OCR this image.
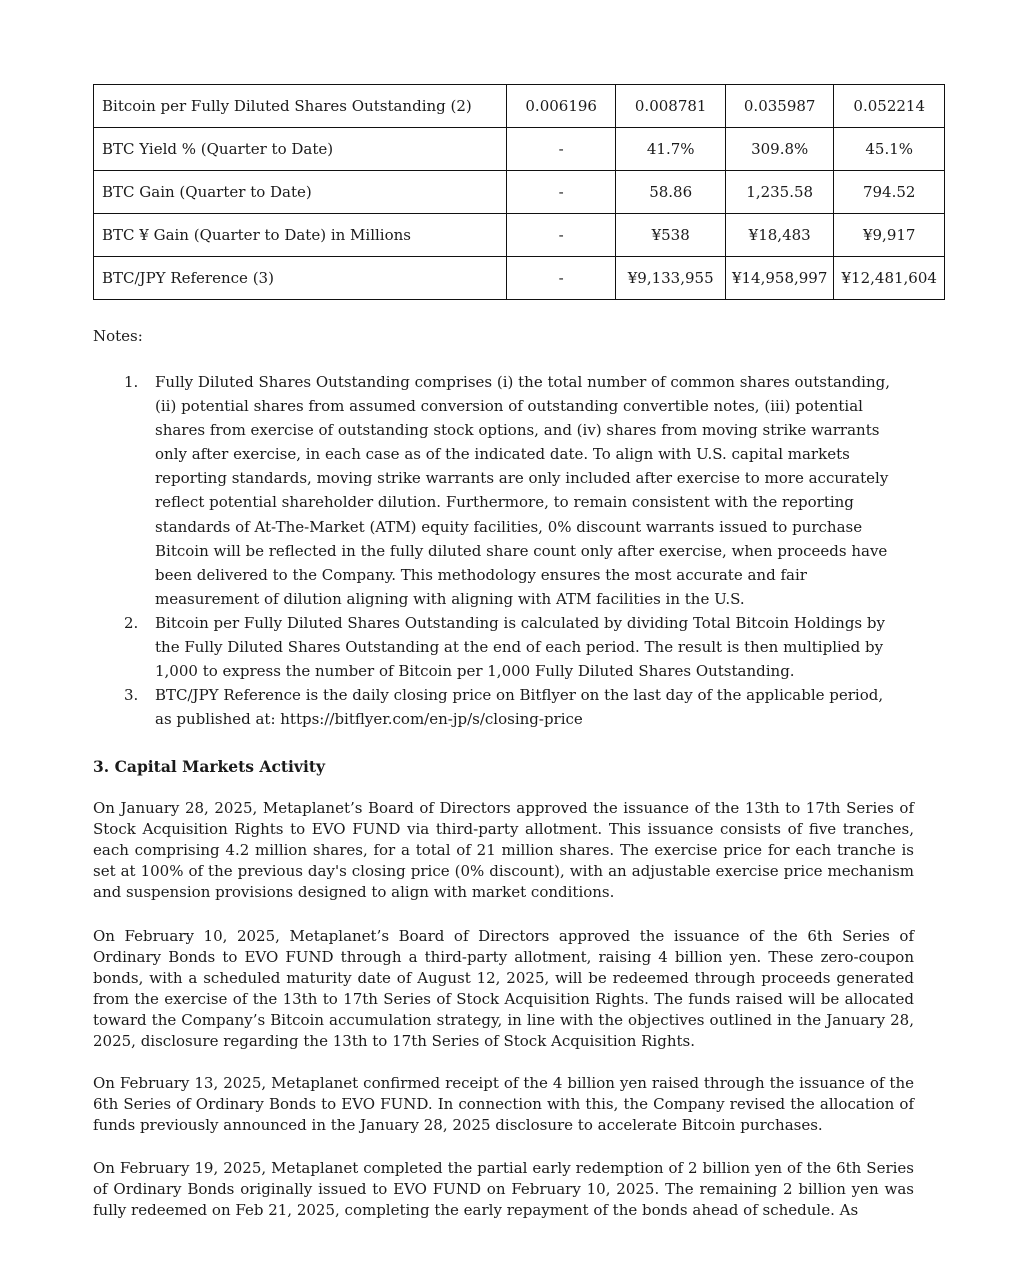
Bitcoin per Fully Diluted Shares Outstanding (2)	0.006196	0.008781	0.035987	0.052214
BTC Yield % (Quarter to Date)	-	41.7%	309.8%	45.1%
BTC Gain (Quarter to Date)	-	58.86	1,235.58	794.52
BTC ¥ Gain (Quarter to Date) in Millions	-	¥538	¥18,483	¥9,917
BTC/JPY Reference (3)	-	¥9,133,955	¥14,958,997	¥12,481,604
Notes:
1. Fully Diluted Shares Outstanding comprises (i) the total number of common shares outstanding, (ii) potential shares from assumed conversion of outstanding convertible notes, (iii) potential shares from exercise of outstanding stock options, and (iv) shares from moving strike warrants only after exercise, in each case as of the indicated date. To align with U.S. capital markets reporting standards, moving strike warrants are only included after exercise to more accurately reflect potential shareholder dilution. Furthermore, to remain consistent with the reporting standards of At-The-Market (ATM) equity facilities, 0% discount warrants issued to purchase Bitcoin will be reflected in the fully diluted share count only after exercise, when proceeds have been delivered to the Company. This methodology ensures the most accurate and fair measurement of dilution aligning with aligning with ATM facilities in the U.S.
2. Bitcoin per Fully Diluted Shares Outstanding is calculated by dividing Total Bitcoin Holdings by the Fully Diluted Shares Outstanding at the end of each period. The result is then multiplied by 1,000 to express the number of Bitcoin per 1,000 Fully Diluted Shares Outstanding.
3. BTC/JPY Reference is the daily closing price on Bitflyer on the last day of the applicable period, as published at: https://bitflyer.com/en-jp/s/closing-price
3. Capital Markets Activity

On January 28, 2025, Metaplanet’s Board of Directors approved the issuance of the 13th to 17th Series of Stock Acquisition Rights to EVO FUND via third-party allotment. This issuance consists of five tranches, each comprising 4.2 million shares, for a total of 21 million shares. The exercise price for each tranche is set at 100% of the previous day's closing price (0% discount), with an adjustable exercise price mechanism and suspension provisions designed to align with market conditions.

On February 10, 2025, Metaplanet’s Board of Directors approved the issuance of the 6th Series of Ordinary Bonds to EVO FUND through a third-party allotment, raising 4 billion yen. These zero-coupon bonds, with a scheduled maturity date of August 12, 2025, will be redeemed through proceeds generated from the exercise of the 13th to 17th Series of Stock Acquisition Rights. The funds raised will be allocated toward the Company’s Bitcoin accumulation strategy, in line with the objectives outlined in the January 28, 2025, disclosure regarding the 13th to 17th Series of Stock Acquisition Rights.

On February 13, 2025, Metaplanet confirmed receipt of the 4 billion yen raised through the issuance of the 6th Series of Ordinary Bonds to EVO FUND. In connection with this, the Company revised the allocation of funds previously announced in the January 28, 2025 disclosure to accelerate Bitcoin purchases.

On February 19, 2025, Metaplanet completed the partial early redemption of 2 billion yen of the 6th Series of Ordinary Bonds originally issued to EVO FUND on February 10, 2025. The remaining 2 billion yen was fully redeemed on Feb 21, 2025, completing the early repayment of the bonds ahead of schedule. As
